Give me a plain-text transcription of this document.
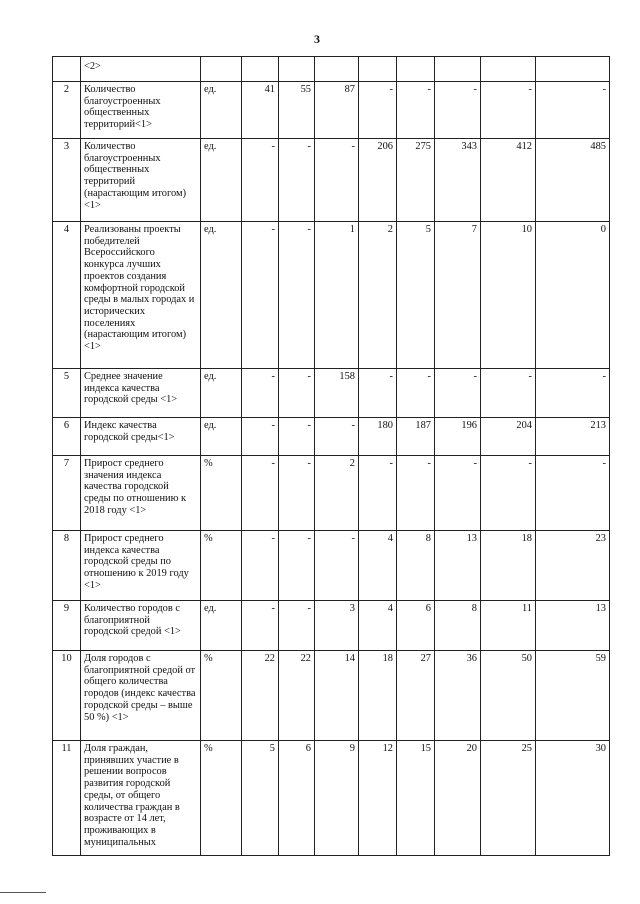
3
	<2>									
2	Количество благоустроенных общественных территорий<1>	ед.	41	55	87	-	-	-	-	-
3	Количество благоустроенных общественных территорий (нарастающим итогом) <1>	ед.	-	-	-	206	275	343	412	485
4	Реализованы проекты победителей Всероссийского конкурса лучших проектов создания комфортной городской среды в малых городах и исторических поселениях (нарастающим итогом) <1>	ед.	-	-	1	2	5	7	10	0
5	Среднее значение индекса качества городской среды <1>	ед.	-	-	158	-	-	-	-	-
6	Индекс качества городской среды<1>	ед.	-	-	-	180	187	196	204	213
7	Прирост среднего значения индекса качества городской среды по отношению к 2018 году <1>	%	-	-	2	-	-	-	-	-
8	Прирост среднего индекса качества городской среды по отношению к 2019 году <1>	%	-	-	-	4	8	13	18	23
9	Количество городов с благоприятной городской средой <1>	ед.	-	-	3	4	6	8	11	13
10	Доля городов с благоприятной средой от общего количества городов (индекс качества городской среды – выше 50 %) <1>	%	22	22	14	18	27	36	50	59
11	Доля граждан, принявших участие в решении вопросов развития городской среды, от общего количества граждан в возрасте от 14 лет, проживающих в муниципальных	%	5	6	9	12	15	20	25	30
